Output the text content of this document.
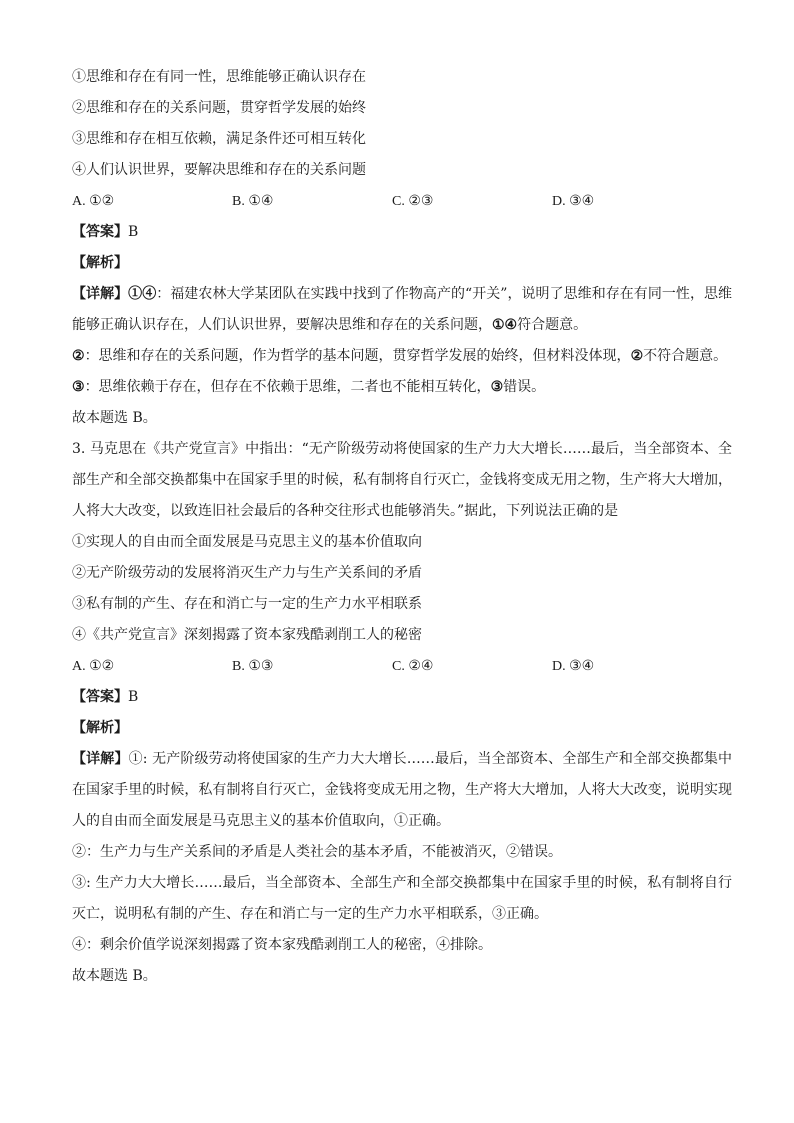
①思维和存在有同一性，思维能够正确认识存在
②思维和存在的关系问题，贯穿哲学发展的始终
③思维和存在相互依赖，满足条件还可相互转化
④人们认识世界，要解决思维和存在的关系问题
A. ①②	B. ①④	C. ②③	D. ③④
【答案】B
【解析】
【详解】①④：福建农林大学某团队在实践中找到了作物高产的“开关”，说明了思维和存在有同一性，思维能够正确认识存在，人们认识世界，要解决思维和存在的关系问题，①④符合题意。
②：思维和存在的关系问题，作为哲学的基本问题，贯穿哲学发展的始终，但材料没体现，②不符合题意。
③：思维依赖于存在，但存在不依赖于思维，二者也不能相互转化，③错误。
故本题选 B。
3. 马克思在《共产党宣言》中指出：“无产阶级劳动将使国家的生产力大大增长……最后，当全部资本、全部生产和全部交换都集中在国家手里的时候，私有制将自行灭亡，金钱将变成无用之物，生产将大大增加，人将大大改变，以致连旧社会最后的各种交往形式也能够消失。”据此，下列说法正确的是
①实现人的自由而全面发展是马克思主义的基本价值取向
②无产阶级劳动的发展将消灭生产力与生产关系间的矛盾
③私有制的产生、存在和消亡与一定的生产力水平相联系
④《共产党宣言》深刻揭露了资本家残酷剥削工人的秘密
A. ①②	B. ①③	C. ②④	D. ③④
【答案】B
【解析】
【详解】①: 无产阶级劳动将使国家的生产力大大增长……最后，当全部资本、全部生产和全部交换都集中在国家手里的时候，私有制将自行灭亡，金钱将变成无用之物，生产将大大增加，人将大大改变，说明实现人的自由而全面发展是马克思主义的基本价值取向，①正确。
②：生产力与生产关系间的矛盾是人类社会的基本矛盾，不能被消灭，②错误。
③: 生产力大大增长……最后，当全部资本、全部生产和全部交换都集中在国家手里的时候，私有制将自行灭亡，说明私有制的产生、存在和消亡与一定的生产力水平相联系，③正确。
④：剩余价值学说深刻揭露了资本家残酷剥削工人的秘密，④排除。
故本题选 B。
